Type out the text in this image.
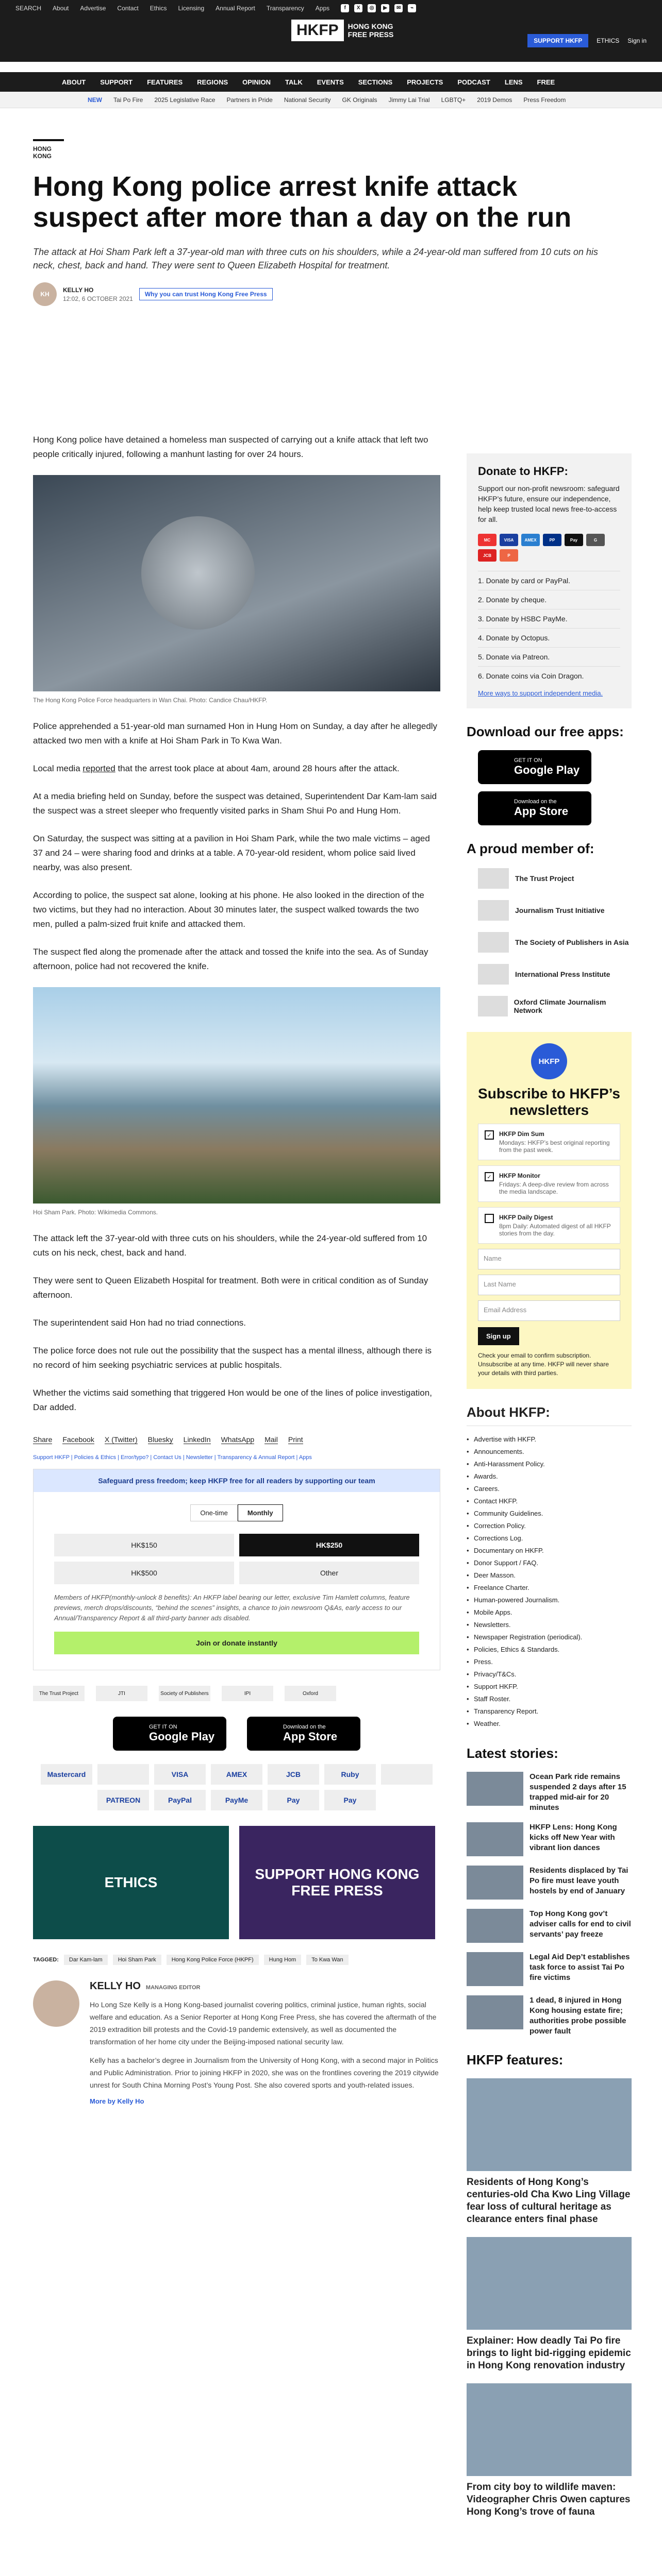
SEARCH About Advertise Contact Ethics Licensing Annual Report Transparency Apps	f	X	◎	▶	✉	⌁
HKFP	HONG KONG
FREE PRESS
SUPPORT HKFP	ETHICS Sign in
ABOUT SUPPORT FEATURES REGIONS OPINION TALK EVENTS SECTIONS PROJECTS PODCAST LENS FREE
NEW Tai Po Fire 2025 Legislative Race Partners in Pride National Security GK Originals Jimmy Lai Trial LGBTQ+ 2019 Demos Press Freedom
HONG KONG
Hong Kong police arrest knife attack suspect after more than a day on the run

The attack at Hoi Sham Park left a 37-year-old man with three cuts on his shoulders, while a 24-year-old man suffered from 10 cuts on his neck, chest, back and hand. They were sent to Queen Elizabeth Hospital for treatment.

KH
KELLY HO
12:02, 6 OCTOBER 2021
Why you can trust Hong Kong Free Press

Hong Kong police have detained a homeless man suspected of carrying out a knife attack that left two people critically injured, following a manhunt lasting for over 24 hours.

The Hong Kong Police Force headquarters in Wan Chai. Photo: Candice Chau/HKFP.

Police apprehended a 51-year-old man surnamed Hon in Hung Hom on Sunday, a day after he allegedly attacked two men with a knife at Hoi Sham Park in To Kwa Wan.

Local media reported that the arrest took place at about 4am, around 28 hours after the attack.

At a media briefing held on Sunday, before the suspect was detained, Superintendent Dar Kam-lam said the suspect was a street sleeper who frequently visited parks in Sham Shui Po and Hung Hom.

On Saturday, the suspect was sitting at a pavilion in Hoi Sham Park, while the two male victims – aged 37 and 24 – were sharing food and drinks at a table. A 70-year-old resident, whom police said lived nearby, was also present.

According to police, the suspect sat alone, looking at his phone. He also looked in the direction of the two victims, but they had no interaction. About 30 minutes later, the suspect walked towards the two men, pulled a palm-sized fruit knife and attacked them.

The suspect fled along the promenade after the attack and tossed the knife into the sea. As of Sunday afternoon, police had not recovered the knife.

Hoi Sham Park. Photo: Wikimedia Commons.

The attack left the 37-year-old with three cuts on his shoulders, while the 24-year-old suffered from 10 cuts on his neck, chest, back and hand.

They were sent to Queen Elizabeth Hospital for treatment. Both were in critical condition as of Sunday afternoon.

The superintendent said Hon had no triad connections.

The police force does not rule out the possibility that the suspect has a mental illness, although there is no record of him seeking psychiatric services at public hospitals.

Whether the victims said something that triggered Hon would be one of the lines of police investigation, Dar added.

Share Facebook X (Twitter) Bluesky LinkedIn WhatsApp Mail Print
Support HKFP | Policies & Ethics | Error/typo? | Contact Us | Newsletter | Transparency & Annual Report | Apps
Safeguard press freedom; keep HKFP free for all readers by supporting our team
One-time	Monthly
HK$150	HK$250
HK$500	Other
Members of HKFP(monthly-unlock 8 benefits): An HKFP label bearing our letter, exclusive Tim Hamlett columns, feature previews, merch drops/discounts, “behind the scenes” insights, a chance to join newsroom Q&As, early access to our Annual/Transparency Report & all third-party banner ads disabled.
Join or donate instantly
The Trust Project	JTI	Society of Publishers	IPI	Oxford
GET IT ON
Google Play
Download on the
App Store
Mastercard	VISA	AMEX	JCB	Ruby
PATREON	PayPal	PayMe	Pay	Pay
ETHICS
SUPPORT HONG KONG FREE PRESS
TAGGED:	Dar Kam-lam	Hoi Sham Park	Hong Kong Police Force (HKPF)	Hung Hom	To Kwa Wan
KELLY HO MANAGING EDITOR

Ho Long Sze Kelly is a Hong Kong-based journalist covering politics, criminal justice, human rights, social welfare and education. As a Senior Reporter at Hong Kong Free Press, she has covered the aftermath of the 2019 extradition bill protests and the Covid-19 pandemic extensively, as well as documented the transformation of her home city under the Beijing-imposed national security law.

Kelly has a bachelor’s degree in Journalism from the University of Hong Kong, with a second major in Politics and Public Administration. Prior to joining HKFP in 2020, she was on the frontlines covering the 2019 citywide unrest for South China Morning Post’s Young Post. She also covered sports and youth-related issues.

More by Kelly Ho
Donate to HKFP:

Support our non-profit newsroom: safeguard HKFP’s future, ensure our independence, help keep trusted local news free-to-access for all.

MC	VISA	AMEX	PP	Pay	G
JCB	P
1. Donate by card or PayPal.
2. Donate by cheque.
3. Donate by HSBC PayMe.
4. Donate by Octopus.
5. Donate via Patreon.
6. Donate coins via Coin Dragon.
More ways to support independent media.
Download our free apps:
GET IT ON
Google Play
Download on the
App Store
A proud member of:
The Trust Project
Journalism Trust Initiative
The Society of Publishers in Asia
International Press Institute
Oxford Climate Journalism Network
HKFP
Subscribe to HKFP’s newsletters
✓	HKFP Dim Sum
Mondays: HKFP’s best original reporting from the past week.
✓	HKFP Monitor
Fridays: A deep-dive review from across the media landscape.
HKFP Daily Digest
8pm Daily: Automated digest of all HKFP stories from the day.
Name
Last Name
Email Address
Sign up

Check your email to confirm subscription. Unsubscribe at any time. HKFP will never share your details with third parties.

About HKFP:
• Advertise with HKFP.
• Announcements.
• Anti-Harassment Policy.
• Awards.
• Careers.
• Contact HKFP.
• Community Guidelines.
• Correction Policy.
• Corrections Log.
• Documentary on HKFP.
• Donor Support / FAQ.
• Deer Masson.
• Freelance Charter.
• Human-powered Journalism.
• Mobile Apps.
• Newsletters.
• Newspaper Registration (periodical).
• Policies, Ethics & Standards.
• Press.
• Privacy/T&Cs.
• Support HKFP.
• Staff Roster.
• Transparency Report.
• Weather.
Latest stories:
Ocean Park ride remains suspended 2 days after 15 trapped mid-air for 20 minutes
HKFP Lens: Hong Kong kicks off New Year with vibrant lion dances
Residents displaced by Tai Po fire must leave youth hostels by end of January
Top Hong Kong gov’t adviser calls for end to civil servants’ pay freeze
Legal Aid Dep’t establishes task force to assist Tai Po fire victims
1 dead, 8 injured in Hong Kong housing estate fire; authorities probe possible power fault
HKFP features:
Residents of Hong Kong’s centuries-old Cha Kwo Ling Village fear loss of cultural heritage as clearance enters final phase
Explainer: How deadly Tai Po fire brings to light bid-rigging epidemic in Hong Kong renovation industry
From city boy to wildlife maven: Videographer Chris Owen captures Hong Kong’s trove of fauna
